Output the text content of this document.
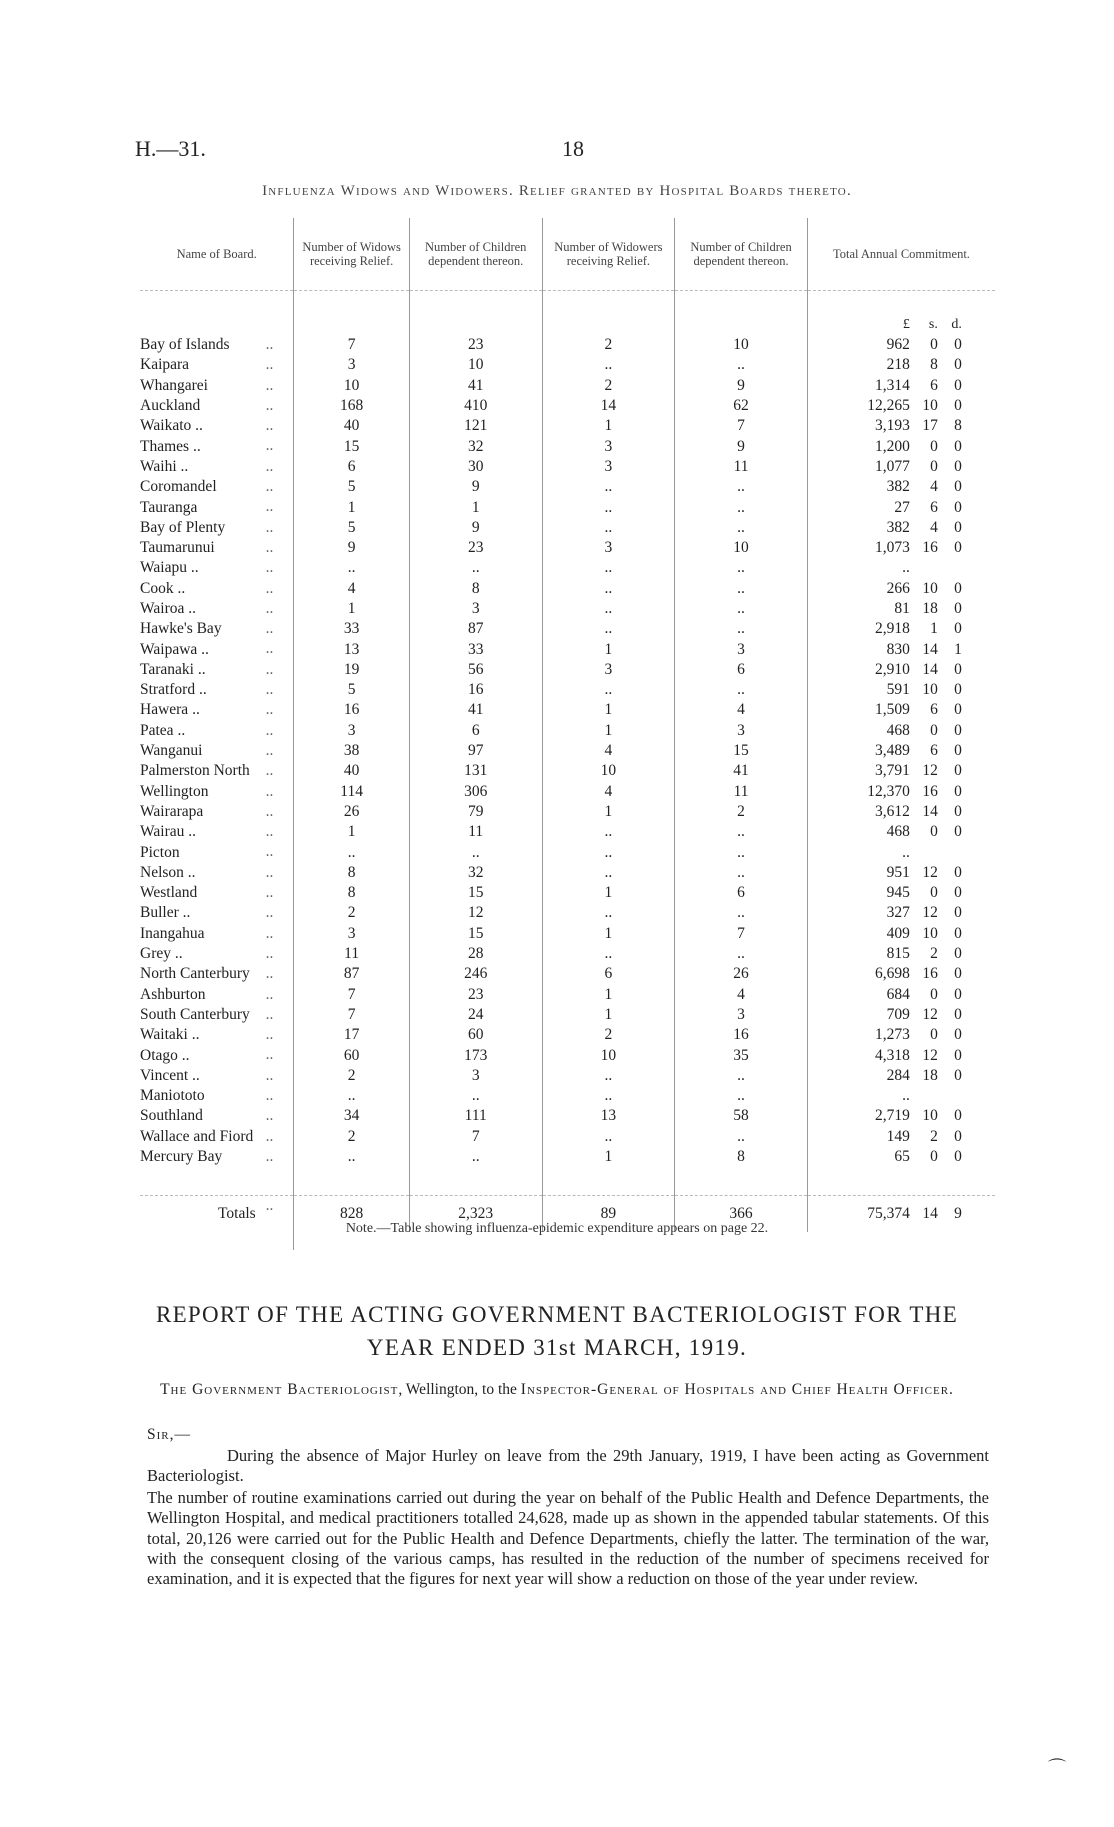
H.—31.	18
Influenza Widows and Widowers. Relief granted by Hospital Boards thereto.
Name of Board.	Number of Widows receiving Relief.	Number of Children dependent thereon.	Number of Widowers receiving Relief.	Number of Children dependent thereon.	Total Annual Commitment.
					£ s. d.
Bay of Islands ..	7	23	2	10	962 0 0
Kaipara ..	3	10	..	..	218 8 0
Whangarei ..	10	41	2	9	1,314 6 0
Auckland ..	168	410	14	62	12,265 10 0
Waikato .. ..	40	121	1	7	3,193 17 8
Thames .. ..	15	32	3	9	1,200 0 0
Waihi .. ..	6	30	3	11	1,077 0 0
Coromandel ..	5	9	..	..	382 4 0
Tauranga ..	1	1	..	..	27 6 0
Bay of Plenty ..	5	9	..	..	382 4 0
Taumarunui ..	9	23	3	10	1,073 16 0
Waiapu .. ..	..	..	..	..	..
Cook .. ..	4	8	..	..	266 10 0
Wairoa .. ..	1	3	..	..	81 18 0
Hawke's Bay ..	33	87	..	..	2,918 1 0
Waipawa .. ..	13	33	1	3	830 14 1
Taranaki .. ..	19	56	3	6	2,910 14 0
Stratford .. ..	5	16	..	..	591 10 0
Hawera .. ..	16	41	1	4	1,509 6 0
Patea .. ..	3	6	1	3	468 0 0
Wanganui ..	38	97	4	15	3,489 6 0
Palmerston North ..	40	131	10	41	3,791 12 0
Wellington ..	114	306	4	11	12,370 16 0
Wairarapa ..	26	79	1	2	3,612 14 0
Wairau .. ..	1	11	..	..	468 0 0
Picton ..	..	..	..	..	..
Nelson .. ..	8	32	..	..	951 12 0
Westland ..	8	15	1	6	945 0 0
Buller .. ..	2	12	..	..	327 12 0
Inangahua ..	3	15	1	7	409 10 0
Grey .. ..	11	28	..	..	815 2 0
North Canterbury ..	87	246	6	26	6,698 16 0
Ashburton ..	7	23	1	4	684 0 0
South Canterbury ..	7	24	1	3	709 12 0
Waitaki .. ..	17	60	2	16	1,273 0 0
Otago .. ..	60	173	10	35	4,318 12 0
Vincent .. ..	2	3	..	..	284 18 0
Maniototo ..	..	..	..	..	..
Southland ..	34	111	13	58	2,719 10 0
Wallace and Fiord ..	2	7	..	..	149 2 0
Mercury Bay ..	..	..	1	8	65 0 0

Totals ..	828	2,323	89	366	75,374 14 9

Note.—Table showing influenza-epidemic expenditure appears on page 22.
REPORT OF THE ACTING GOVERNMENT BACTERIOLOGIST FOR THE YEAR ENDED 31st MARCH, 1919.
The Government Bacteriologist, Wellington, to the Inspector-General of Hospitals and Chief Health Officer.
Sir,—
During the absence of Major Hurley on leave from the 29th January, 1919, I have been acting as Government Bacteriologist.
The number of routine examinations carried out during the year on behalf of the Public Health and Defence Departments, the Wellington Hospital, and medical practitioners totalled 24,628, made up as shown in the appended tabular statements. Of this total, 20,126 were carried out for the Public Health and Defence Departments, chiefly the latter. The termination of the war, with the consequent closing of the various camps, has resulted in the reduction of the number of specimens received for examination, and it is expected that the figures for next year will show a reduction on those of the year under review.
⌒
